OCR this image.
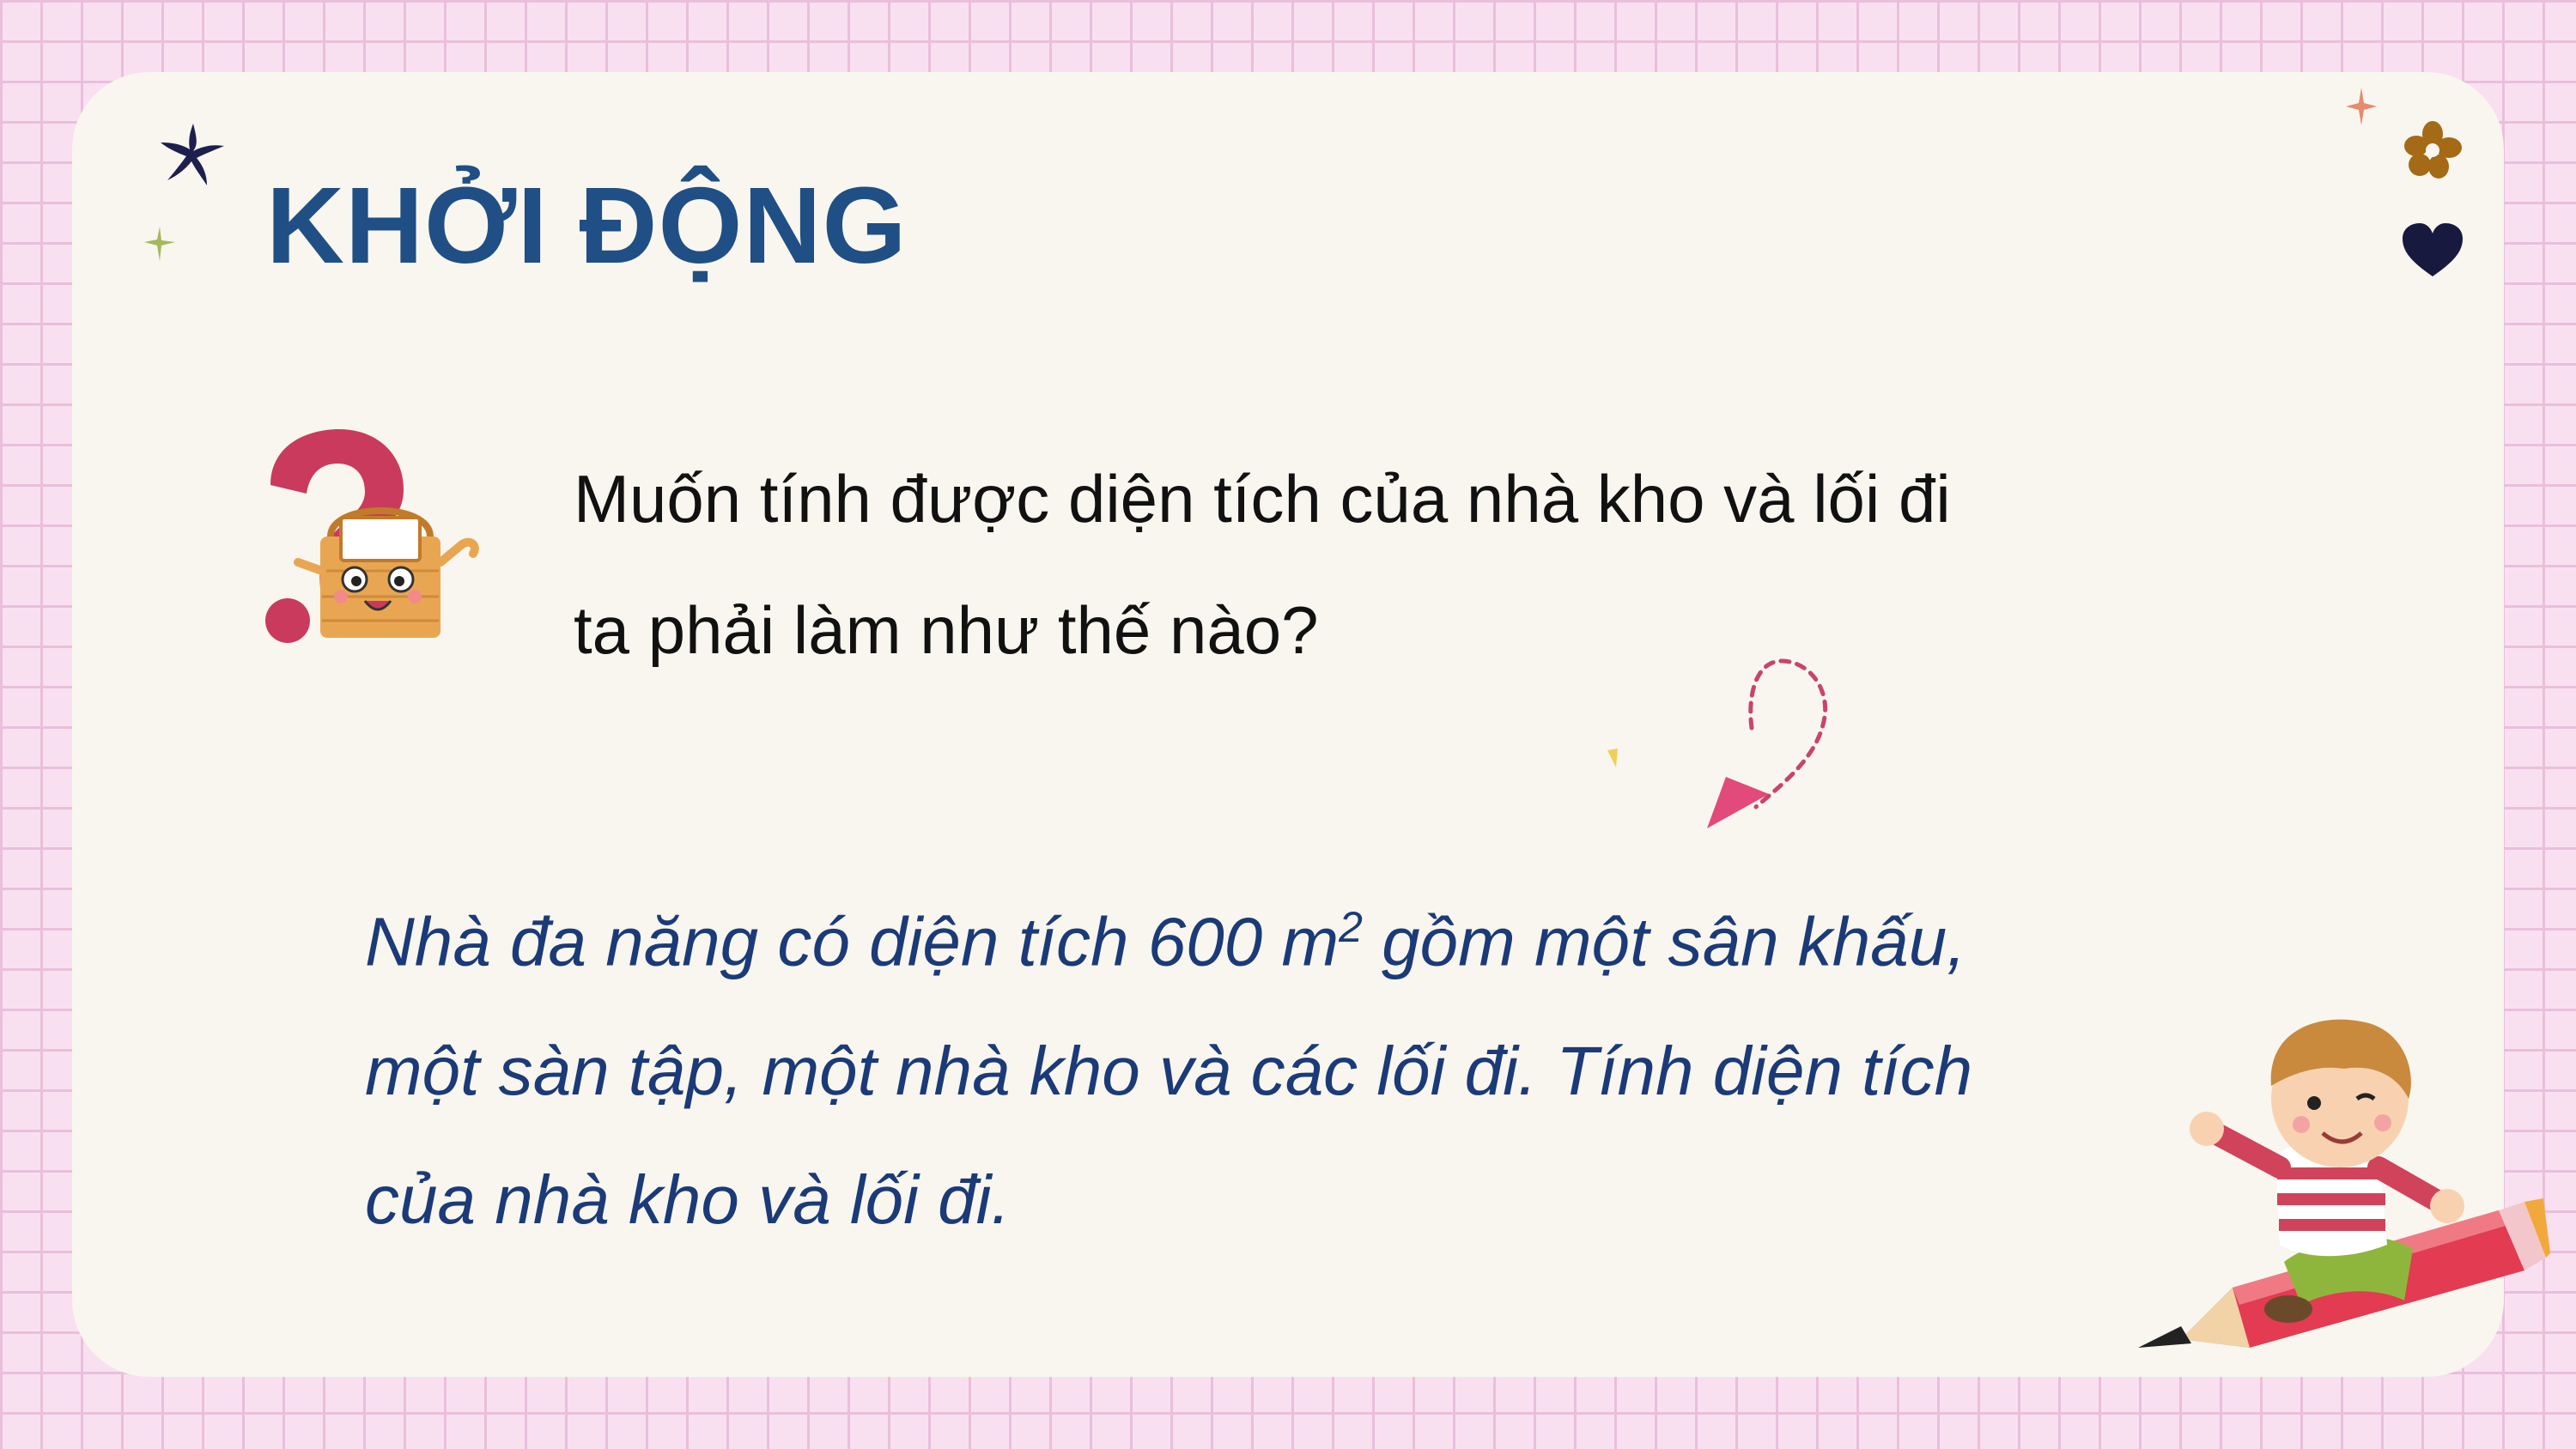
KHỞI ĐỘNG
Muốn tính được diện tích của nhà kho và lối đi
ta phải làm như thế nào?
Nhà đa năng có diện tích 600 $m^2$ gồm một sân khấu,
một sàn tập, một nhà kho và các lối đi. Tính diện tích
của nhà kho và lối đi.
